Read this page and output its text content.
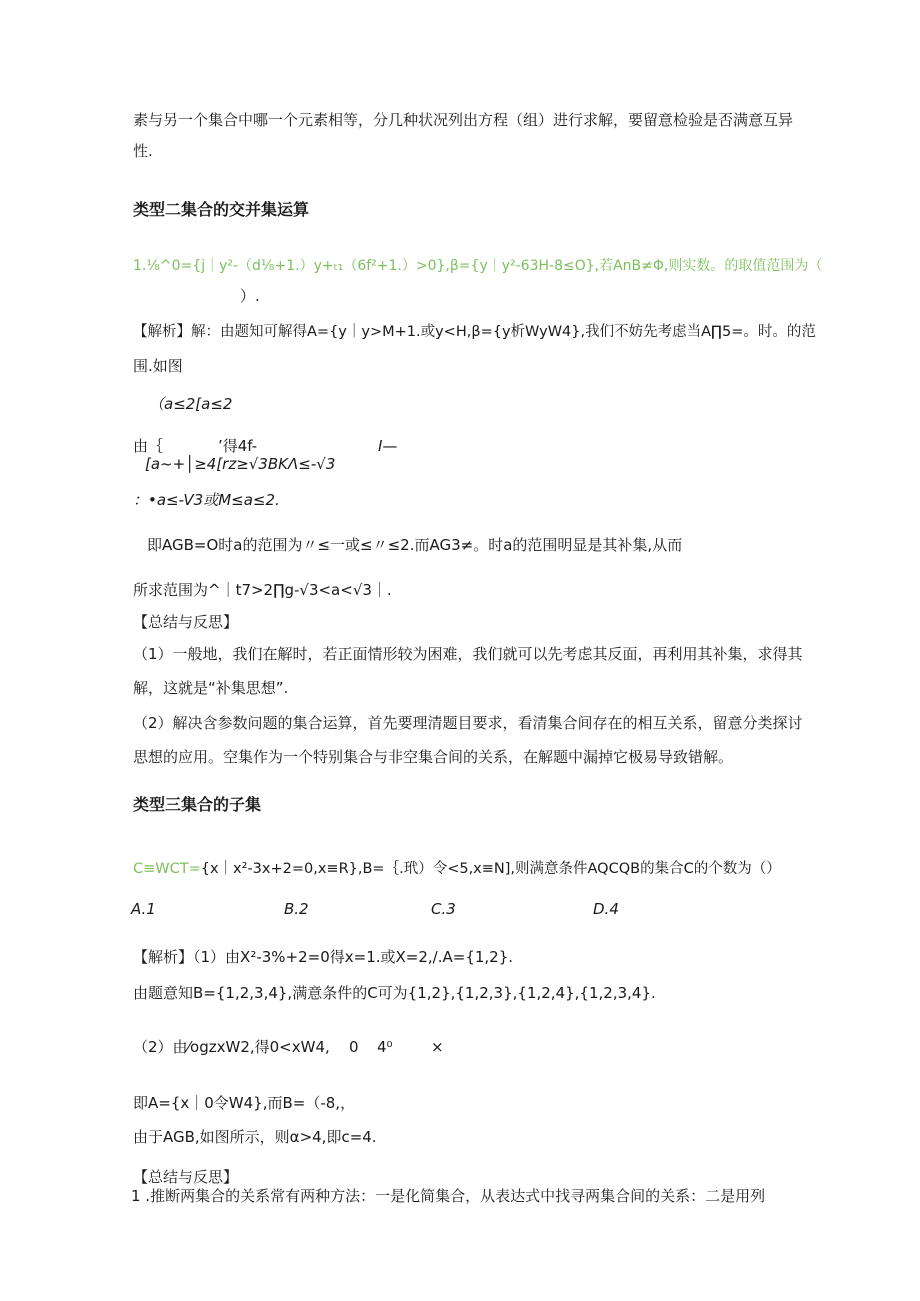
素与另一个集合中哪一个元素相等，分几种状况列出方程（组）进行求解，要留意检验是否满意互异
性.
类型二集合的交并集运算
1.⅛^0={j｜y²-（d⅛+1.）y+ₜ₁（6f²+1.）>0},β={y｜y²-63H-8≤O},若AnB≠Φ,则实数。的取值范围为（
）.
【解析】解：由题知可解得A={y｜y>M+1.或y<H,β={y析WyW4},我们不妨先考虑当A∏5=。时。的范
围.如图
（a≤2[a≤2
由｛	’得4f-	I—
[a~+│≥4[rz≥√3BKΛ≤-√3
：•a≤-V3或M≤a≤2.
即AGB=O时a的范围为〃≤一或≤〃≤2.而AG3≠。时a的范围明显是其补集,从而
所求范围为^｜t7>2∏g-√3<a<√3｜.
【总结与反思】
（1）一般地，我们在解时，若正面情形较为困难，我们就可以先考虑其反面，再利用其补集，求得其
解，这就是“补集思想”.
（2）解决含参数问题的集合运算，首先要理清题目要求，看清集合间存在的相互关系，留意分类探讨
思想的应用。空集作为一个特别集合与非空集合间的关系，在解题中漏掉它极易导致错解。
类型三集合的子集
C≡WCT={x｜x²-3x+2=0,x≡R},B=｛.玳）令<5,x≡N],则满意条件AQCQB的集合C的个数为（）
A.1	B.2	C.3	D.4
【解析】（1）由X²-3%+2=0得x=1.或X=2,/.A={1,2}.
由题意知B={1,2,3,4},满意条件的C可为{1,2},{1,2,3},{1,2,4},{1,2,3,4}.
（2）由⁄ogzxW2,得0<xW4, 0 4⁰	×
即A={x｜0令W4},而B=（-8,，
由于AGB,如图所示，则α>4,即c=4.
【总结与反思】
1 .推断两集合的关系常有两种方法：一是化简集合，从表达式中找寻两集合间的关系：二是用列
